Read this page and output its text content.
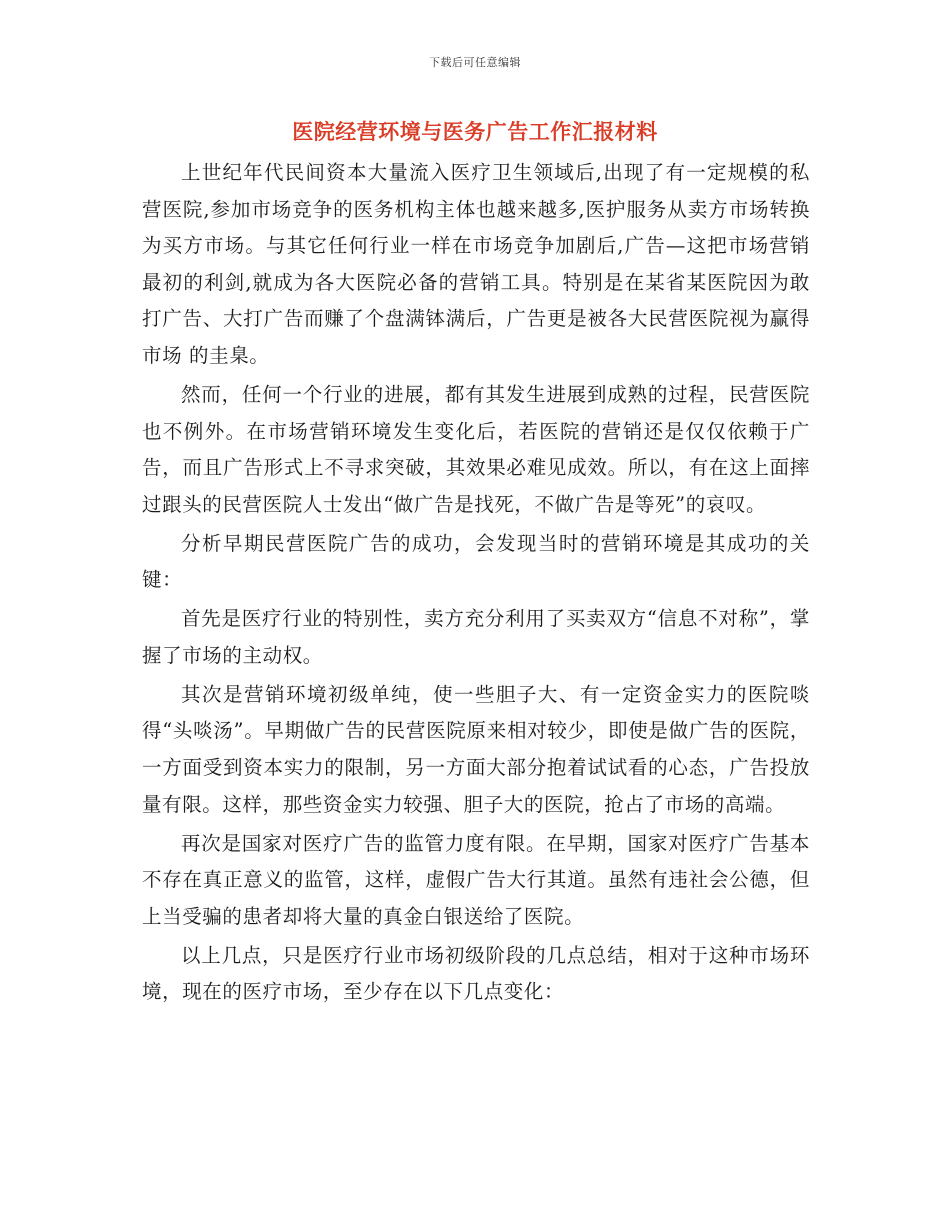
下载后可任意编辑
医院经营环境与医务广告工作汇报材料

上世纪年代民间资本大量流入医疗卫生领域后,出现了有一定规模的私营医院,参加市场竞争的医务机构主体也越来越多,医护服务从卖方市场转换为买方市场。与其它任何行业一样在市场竞争加剧后,广告—这把市场营销最初的利剑,就成为各大医院必备的营销工具。特别是在某省某医院因为敢打广告、大打广告而赚了个盘满钵满后，广告更是被各大民营医院视为赢得市场 的圭臬。

然而，任何一个行业的进展，都有其发生进展到成熟的过程，民营医院也不例外。在市场营销环境发生变化后，若医院的营销还是仅仅依赖于广告，而且广告形式上不寻求突破，其效果必难见成效。所以，有在这上面摔过跟头的民营医院人士发出“做广告是找死，不做广告是等死”的哀叹。

分析早期民营医院广告的成功，会发现当时的营销环境是其成功的关键：

首先是医疗行业的特别性，卖方充分利用了买卖双方“信息不对称”，掌握了市场的主动权。

其次是营销环境初级单纯，使一些胆子大、有一定资金实力的医院啖得“头啖汤”。早期做广告的民营医院原来相对较少，即使是做广告的医院，一方面受到资本实力的限制，另一方面大部分抱着试试看的心态，广告投放量有限。这样，那些资金实力较强、胆子大的医院，抢占了市场的高端。

再次是国家对医疗广告的监管力度有限。在早期，国家对医疗广告基本不存在真正意义的监管，这样，虚假广告大行其道。虽然有违社会公德，但上当受骗的患者却将大量的真金白银送给了医院。

以上几点，只是医疗行业市场初级阶段的几点总结，相对于这种市场环境，现在的医疗市场，至少存在以下几点变化：
